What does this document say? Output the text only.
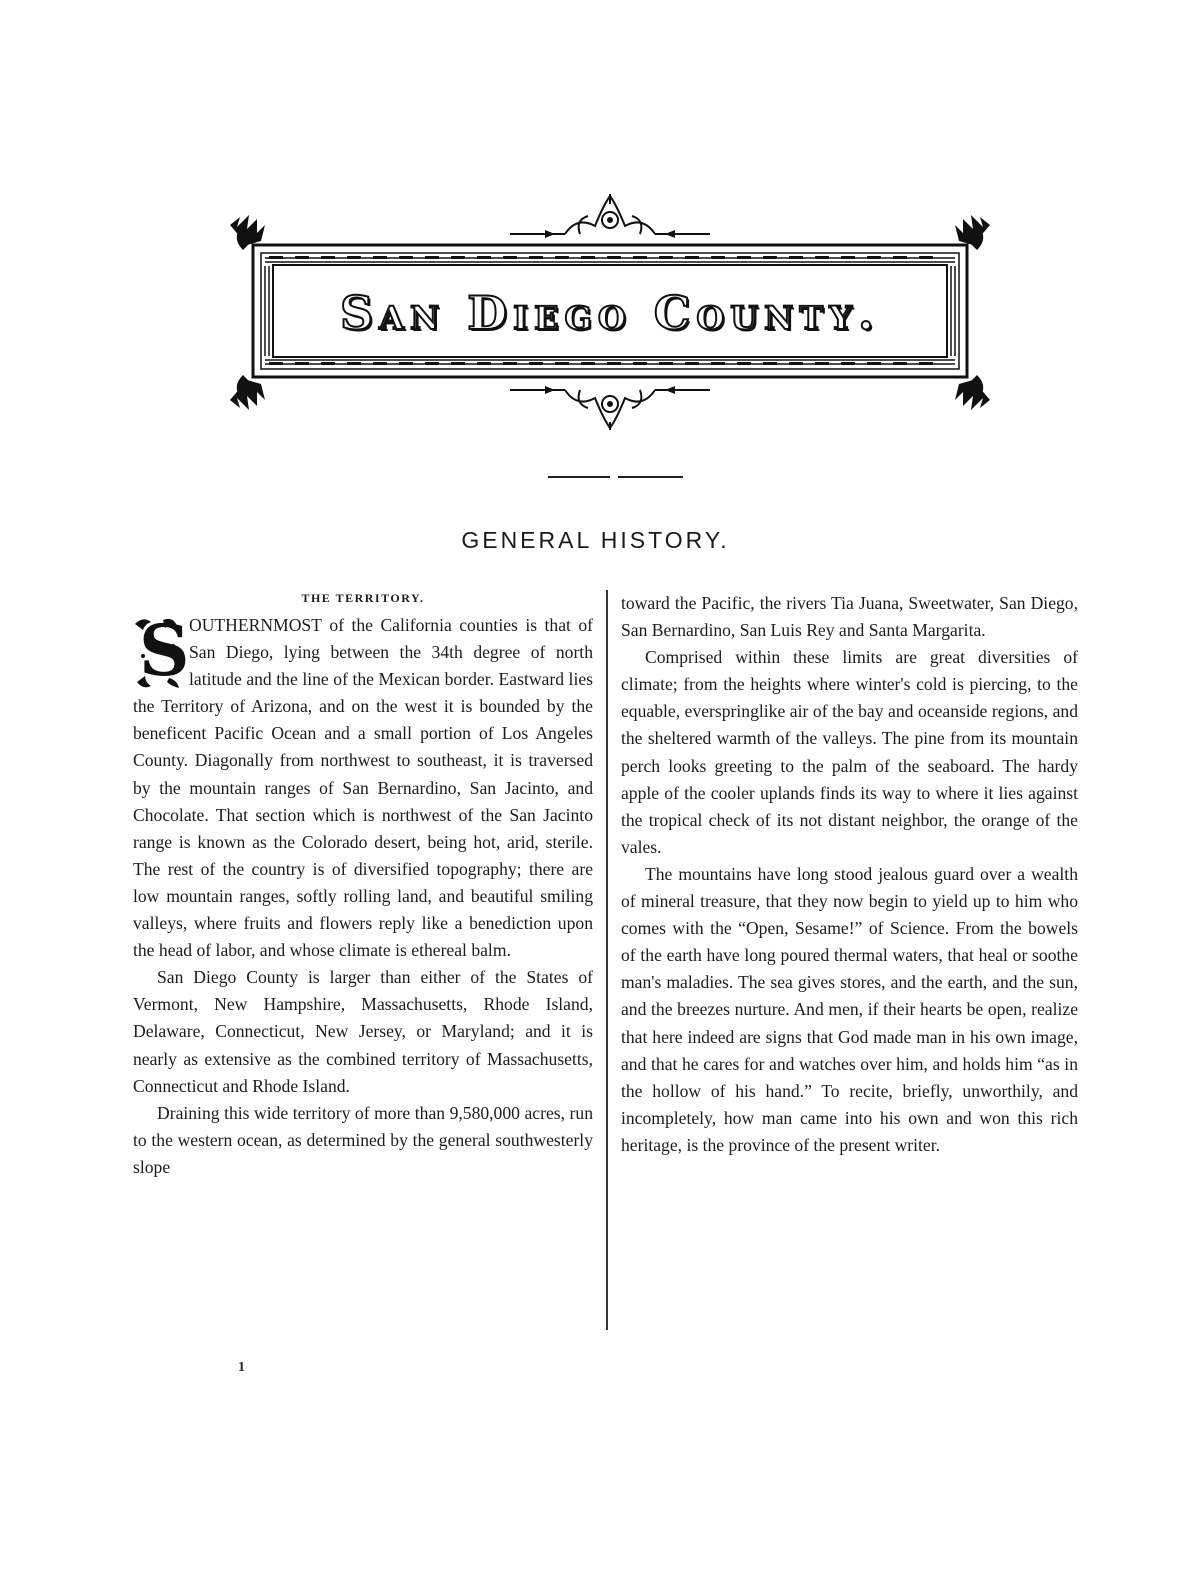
San Diego County.
GENERAL HISTORY.
THE TERRITORY.

S OUTHERNMOST of the California counties is that of San Diego, lying between the 34th degree of north latitude and the line of the Mexican border. Eastward lies the Territory of Arizona, and on the west it is bounded by the beneficent Pacific Ocean and a small portion of Los Angeles County. Diagonally from northwest to southeast, it is traversed by the mountain ranges of San Bernardino, San Jacinto, and Chocolate. That section which is northwest of the San Jacinto range is known as the Colorado desert, being hot, arid, sterile. The rest of the country is of diversified topography; there are low mountain ranges, softly rolling land, and beautiful smiling valleys, where fruits and flowers reply like a benediction upon the head of labor, and whose climate is ethereal balm.

San Diego County is larger than either of the States of Vermont, New Hampshire, Massachusetts, Rhode Island, Delaware, Connecticut, New Jersey, or Maryland; and it is nearly as extensive as the combined territory of Massachusetts, Connecticut and Rhode Island.

Draining this wide territory of more than 9,580,000 acres, run to the western ocean, as determined by the general southwesterly slope

toward the Pacific, the rivers Tia Juana, Sweetwater, San Diego, San Bernardino, San Luis Rey and Santa Margarita.

Comprised within these limits are great diversities of climate; from the heights where winter's cold is piercing, to the equable, everspringlike air of the bay and oceanside regions, and the sheltered warmth of the valleys. The pine from its mountain perch looks greeting to the palm of the seaboard. The hardy apple of the cooler uplands finds its way to where it lies against the tropical check of its not distant neighbor, the orange of the vales.

The mountains have long stood jealous guard over a wealth of mineral treasure, that they now begin to yield up to him who comes with the “Open, Sesame!” of Science. From the bowels of the earth have long poured thermal waters, that heal or soothe man's maladies. The sea gives stores, and the earth, and the sun, and the breezes nurture. And men, if their hearts be open, realize that here indeed are signs that God made man in his own image, and that he cares for and watches over him, and holds him “as in the hollow of his hand.” To recite, briefly, unworthily, and incompletely, how man came into his own and won this rich heritage, is the province of the present writer.

1
